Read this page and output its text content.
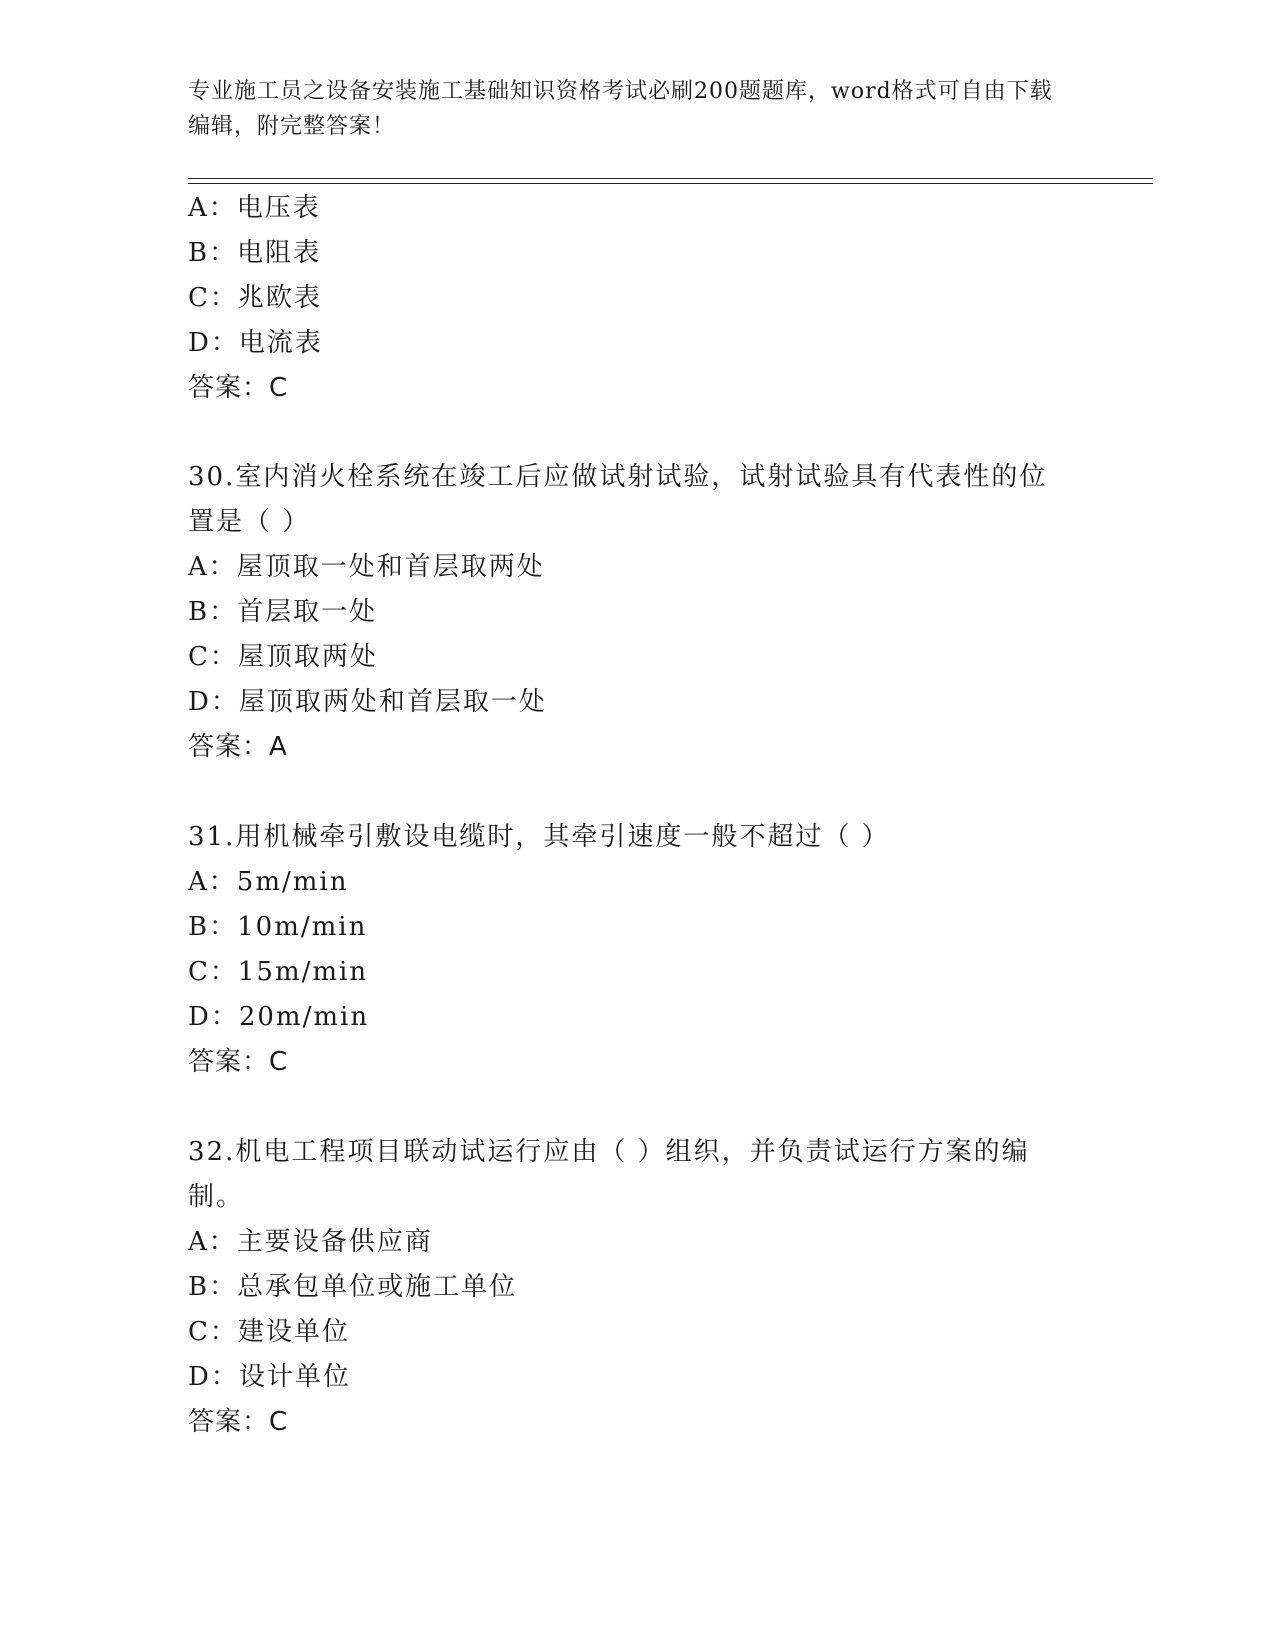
专业施工员之设备安装施工基础知识资格考试必刷200题题库，word格式可自由下载编辑，附完整答案！

A：电压表
B：电阻表
C：兆欧表
D：电流表
答案：C
30.室内消火栓系统在竣工后应做试射试验，试射试验具有代表性的位
置是（ ）
A：屋顶取一处和首层取两处
B：首层取一处
C：屋顶取两处
D：屋顶取两处和首层取一处
答案：A
31.用机械牵引敷设电缆时，其牵引速度一般不超过（ ）
A：5m/min
B：10m/min
C：15m/min
D：20m/min
答案：C
32.机电工程项目联动试运行应由（ ）组织，并负责试运行方案的编
制。
A：主要设备供应商
B：总承包单位或施工单位
C：建设单位
D：设计单位
答案：C
